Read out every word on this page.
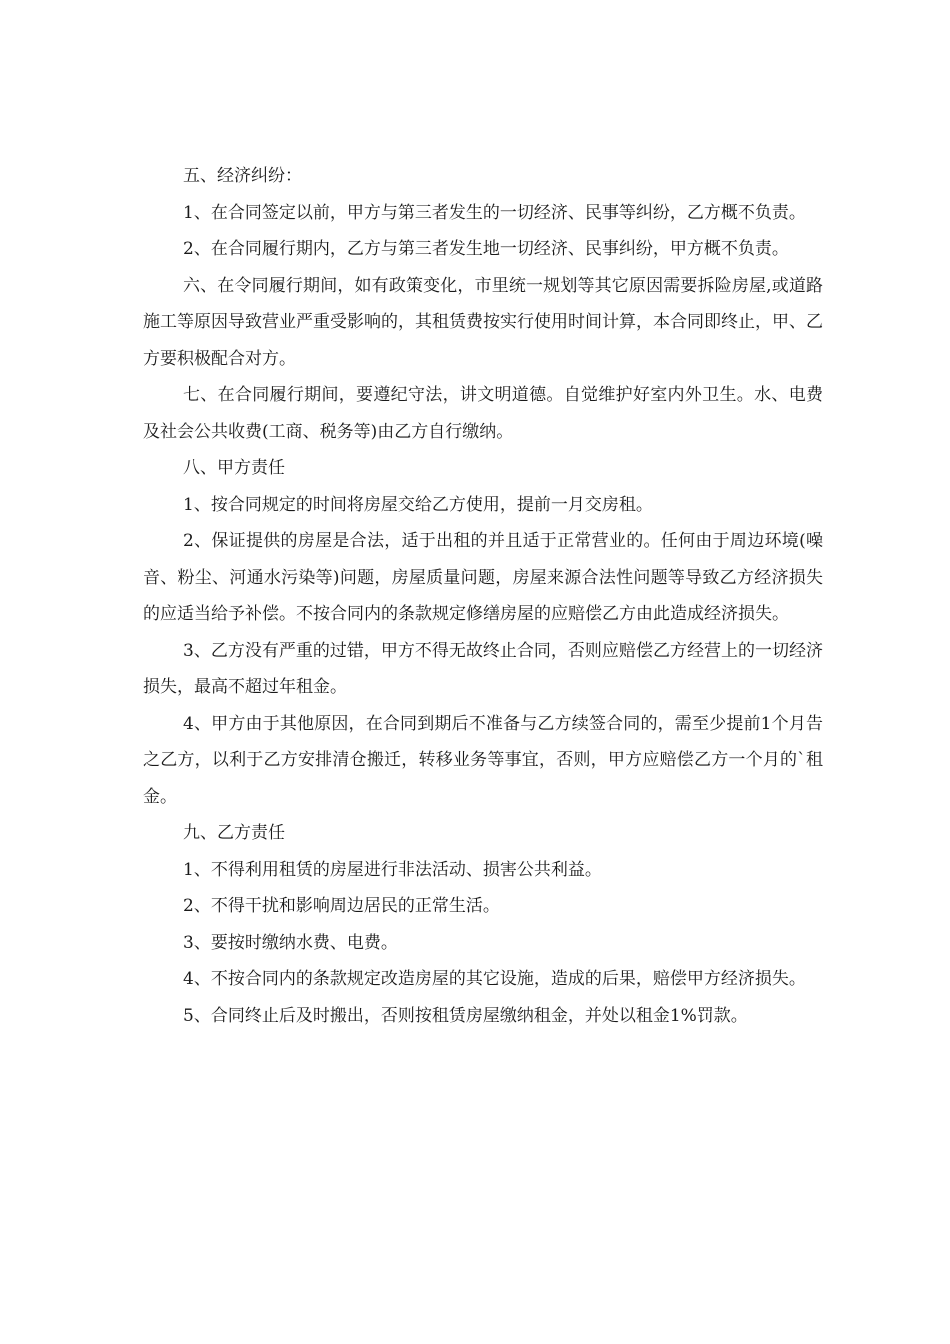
五、经济纠纷：

1、在合同签定以前，甲方与第三者发生的一切经济、民事等纠纷，乙方概不负责。

2、在合同履行期内，乙方与第三者发生地一切经济、民事纠纷，甲方概不负责。

六、在令同履行期间，如有政策变化，市里统一规划等其它原因需要拆险房屋,或道路施工等原因导致营业严重受影响的，其租赁费按实行使用时间计算，本合同即终止，甲、乙方要积极配合对方。

七、在合同履行期间，要遵纪守法，讲文明道德。自觉维护好室内外卫生。水、电费及社会公共收费(工商、税务等)由乙方自行缴纳。

八、甲方责任

1、按合同规定的时间将房屋交给乙方使用，提前一月交房租。

2、保证提供的房屋是合法，适于出租的并且适于正常营业的。任何由于周边环境(噪音、粉尘、河通水污染等)问题，房屋质量问题，房屋来源合法性问题等导致乙方经济损失的应适当给予补偿。不按合同内的条款规定修缮房屋的应赔偿乙方由此造成经济损失。

3、乙方没有严重的过错，甲方不得无故终止合同，否则应赔偿乙方经营上的一切经济损失，最高不超过年租金。

4、甲方由于其他原因，在合同到期后不准备与乙方续签合同的，需至少提前1个月告之乙方，以利于乙方安排清仓搬迁，转移业务等事宜，否则，甲方应赔偿乙方一个月的`租金。

九、乙方责任

1、不得利用租赁的房屋进行非法活动、损害公共利益。

2、不得干扰和影响周边居民的正常生活。

3、要按时缴纳水费、电费。

4、不按合同内的条款规定改造房屋的其它设施，造成的后果，赔偿甲方经济损失。

5、合同终止后及时搬出，否则按租赁房屋缴纳租金，并处以租金1%罚款。
